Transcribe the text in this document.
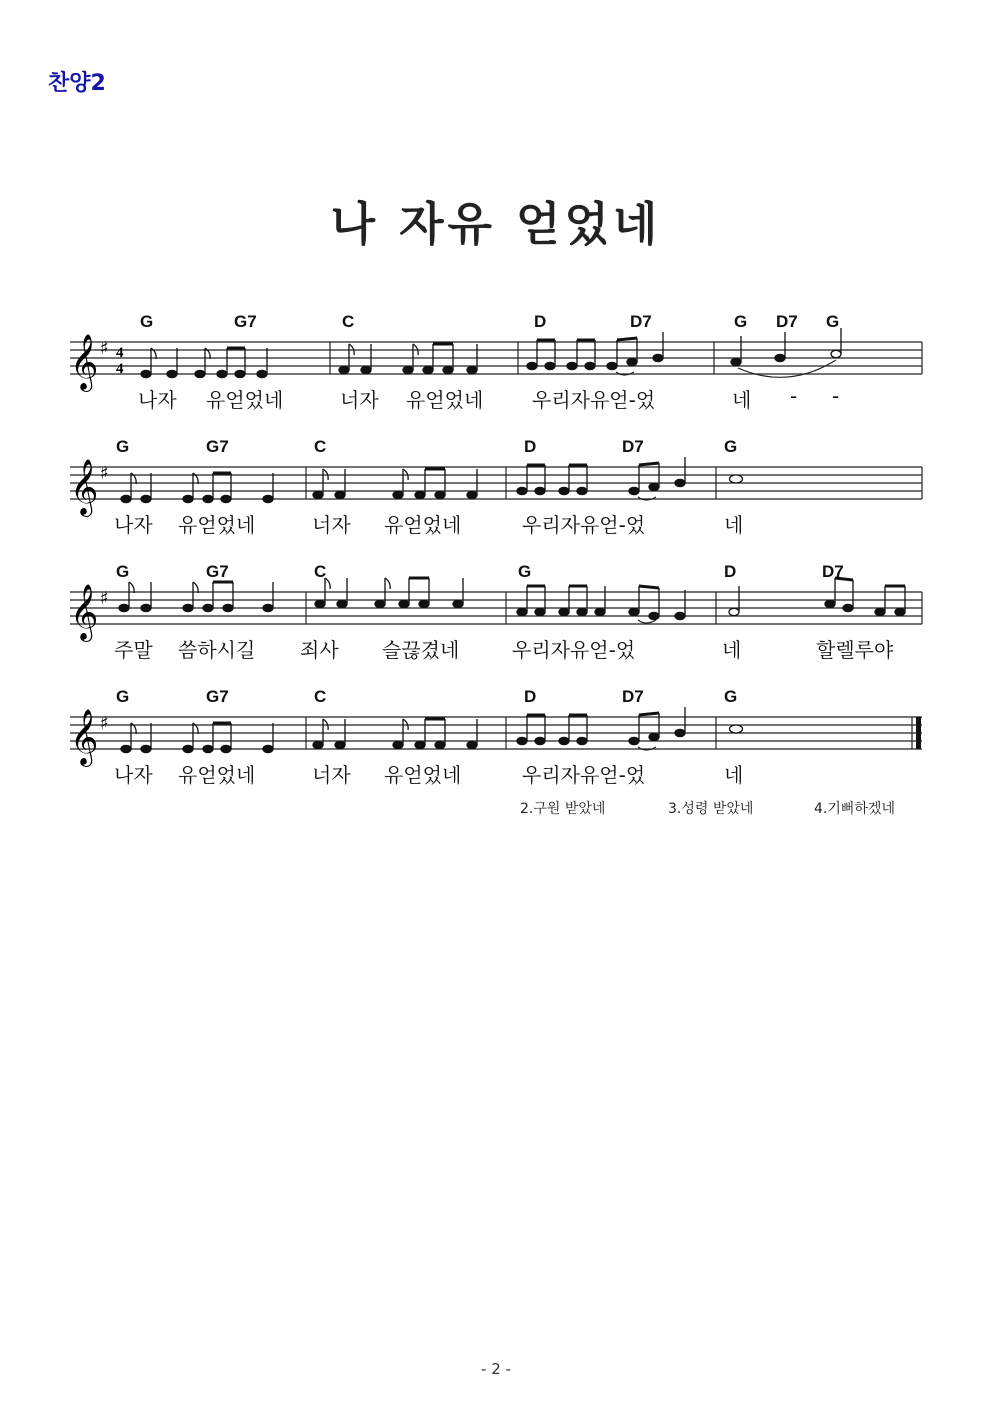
찬양2
나 자유 얻었네
𝄞 ♯ 4
4
G	G7	C	D	D7	G D7 G
나자 유얻었네	너자 유얻었네 우리자유얻-었	네 - -
𝄞 ♯
G	G7	C	D	D7	G
나자 유얻었네	너자 유얻었네	우리자유얻-었	네
𝄞 ♯
G	G7	C	G	D	D7
주말 씀하시길 죄사 슬끊겼네	우리자유얻-었	네	할렐루야
𝄞 ♯
G	G7	C	D	D7	G
나자 유얻었네	너자 유얻었네	우리자유얻-었	네
2.구원 받았네	3.성령 받았네	4.기뻐하겠네
- 2 -
